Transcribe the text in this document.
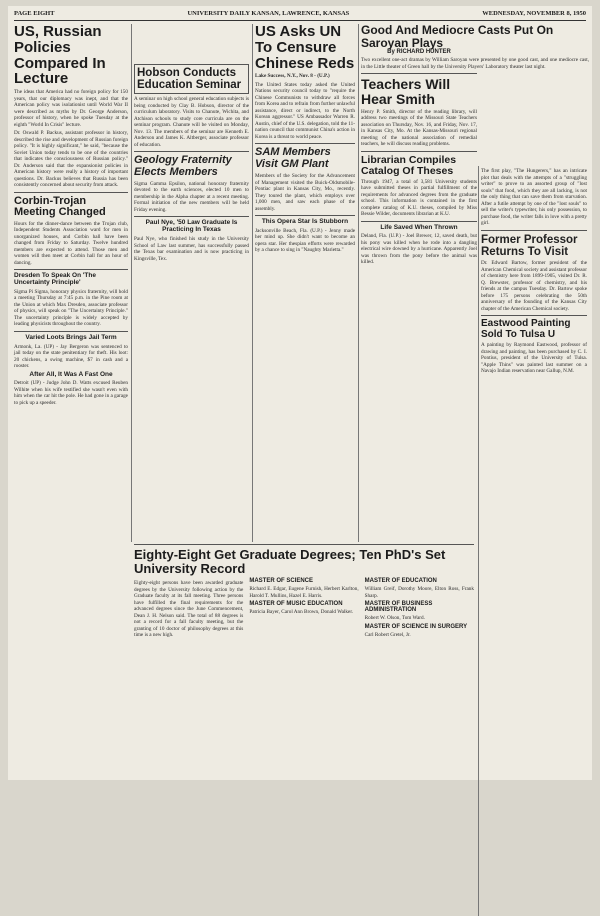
PAGE EIGHT	UNIVERSITY DAILY KANSAN, LAWRENCE, KANSAS	WEDNESDAY, NOVEMBER 8, 1950
US, Russian Policies Compared In Lecture
The ideas that America had no foreign policy for 150 years, that our diplomacy was inept, and that the American policy was isolationist until World War II were described as myths by Dr. George Anderson, professor of history, when he spoke Tuesday at the eighth "World In Crisis" lecture.
Dr. Oswald P. Backus, assistant professor in history, described the rise and development of Russian foreign policy. "It is highly significant," he said, "because the Soviet Union today tends to be one of the countries that indicates the consciousness of Russian policy." Dr. Anderson said that the expansionist policies in American history were really a history of important questions. Dr. Backus believes that Russia has been consistently concerned about security from attack.
Corbin-Trojan Meeting Changed
Hours for the dinner-dance between the Trojan club, Independent Students Association ward for men in unorganized houses, and Corbin hall have been changed from Friday to Saturday. Twelve hundred members are expected to attend. Those men and women will then meet at Corbin hall for an hour of dancing.
Dresden To Speak On 'The Uncertainty Principle'
Sigma Pi Sigma, honorary physics fraternity, will hold a meeting Thursday at 7:45 p.m. in the Pine room at the Union at which Max Dresden, associate professor of physics, will speak on "The Uncertainty Principle." The uncertainty principle is widely accepted by leading physicists throughout the country.
Varied Loots Brings Jail Term
Armonk, La. (UP) - Jay Bergeron was sentenced to jail today on the state penitentiary for theft. His loot: 20 chickens, a swing machine, $7 in cash and a rooster.
After All, It Was A Fast One
Detroit (UP) - Judge John D. Watts excused Reuben Wilhite when his wife testified she wasn't even with him when the car hit the pole. He had gone in a garage to pick up a speeder.
Hobson Conducts Education Seminar
A seminar on high school general education subjects is being conducted by Clay B. Hobson, director of the curriculum laboratory. Visits to Chanute, Wichita, and Atchison schools to study core curricula are on the seminar program. Chanute will be visited on Monday, Nov. 13. The members of the seminar are Kenneth E. Anderson and James K. Altberger, associate professor of education.
Geology Fraternity Elects Members
Sigma Gamma Epsilon, national honorary fraternity devoted to the earth sciences, elected 10 men to membership in the Alpha chapter at a recent meeting. Formal initiation of the new members will be held Friday evening.
Paul Nye, '50 Law Graduate Is Practicing In Texas
Paul Nye, who finished his study in the University School of Law last summer, has successfully passed the Texas bar examination and is now practicing in Kingsville, Tex.
US Asks UN To Censure Chinese Reds
Lake Success, N.Y., Nov. 8 - (U.P.)
The United States today asked the United Nations security council today to "require the Chinese Communists to withdraw all forces from Korea and to refrain from further unlawful assistance, direct or indirect, to the North Korean aggressor." US Ambassador Warren R. Austin, chief of the U.S. delegation, told the 11-nation council that communist China's action in Korea is a threat to world peace.
SAM Members Visit GM Plant
Members of the Society for the Advancement of Management visited the Buick-Oldsmobile-Pontiac plant in Kansas City, Mo., recently. They toured the plant, which employs over 1,000 men, and saw each phase of the assembly.
This Opera Star Is Stubborn
Jacksonville Beach, Fla. (U.P.) - Jenny made her mind up. She didn't want to become an opera star. Her thespian efforts were rewarded by a chance to sing in "Naughty Marietta."
Good And Mediocre Casts Put On Saroyan Plays
By RICHARD HUNTER
Two excellent one-act dramas by William Saroyan were presented by one good cast, and one mediocre cast, in the Little theater of Green hall by the University Players' Laboratory theater last night.
Teachers Will Hear Smith
Henry P. Smith, director of the reading library, will address two meetings of the Missouri State Teachers association on Thursday, Nov. 16, and Friday, Nov. 17, in Kansas City, Mo. At the Kansas-Missouri regional meeting of the national association of remedial teachers, he will discuss reading problems.
Librarian Compiles Catalog Of Theses
Through 1947, a total of 3,581 University students have submitted theses in partial fulfillment of the requirements for advanced degrees from the graduate school. This information is contained in the first complete catalog of K.U. theses, compiled by Miss Bessie Wilder, documents librarian at K.U.
Life Saved When Thrown
Deland, Fla. (U.P.) - Joel Brewer, 12, saved death, but his pony was killed when he rode into a dangling electrical wire downed by a hurricane. Apparently Joel was thrown from the pony before the animal was killed.
The first play, "The Hungerers," has an intricate plot that deals with the attempts of a "struggling writer" to prove to an assorted group of "lost souls" that food, which they are all lacking, is not the only thing that can save them from starvation. After a futile attempt by one of the "lost souls" to sell the writer's typewriter, his only possession, to purchase food, the writer falls in love with a pretty girl.
Former Professor Returns To Visit
Dr. Edward Bartow, former president of the American Chemical society and assistant professor of chemistry here from 1899-1905, visited Dr. R. Q. Brewster, professor of chemistry, and his friends at the campus Tuesday. Dr. Bartow spoke before 175 persons celebrating the 50th anniversary of the founding of the Kansas City chapter of the American Chemical society.
Eastwood Painting Sold To Tulsa U
A painting by Raymond Eastwood, professor of drawing and painting, has been purchased by C. I. Pontius, president of the University of Tulsa. "Apple Thins" was painted last summer on a Navajo Indian reservation near Gallup, N.M.
Eighty-Eight Get Graduate Degrees; Ten PhD's Set University Record
Eighty-eight persons have been awarded graduate degrees by the University following action by the Graduate faculty at its fall meeting. Three persons have fulfilled the final requirements for the advanced degrees since the June Commencement, Dean J. H. Nelson said. The total of 88 degrees is not a record for a fall faculty meeting, but the granting of 10 doctor of philosophy degrees at this time is a new high.
MASTER OF SCIENCE
Richard E. Edgar, Eugene Furnish, Herbert Karlton, Harold T. Mullins, Hazel E. Harris.
MASTER OF MUSIC EDUCATION
Patricia Bayer, Carol Ann Brown, Donald Walker.
MASTER OF EDUCATION
William Greif, Dorothy Moore, Elton Ross, Frank Sharp.
MASTER OF BUSINESS ADMINISTRATION
Robert W. Olson, Tom Ward.
MASTER OF SCIENCE IN SURGERY
Carl Robert Gretel, Jr.
